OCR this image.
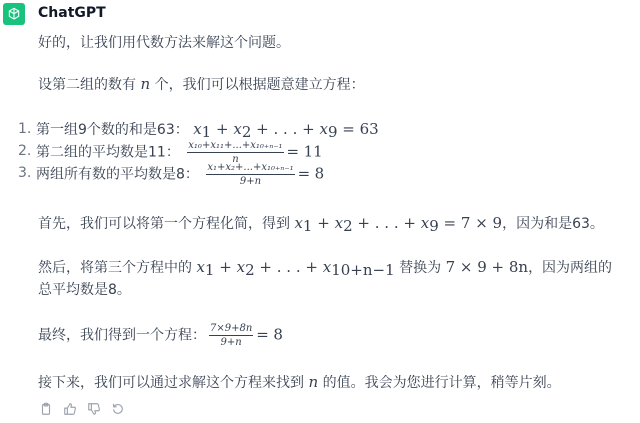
ChatGPT

好的，让我们用代数方法来解这个问题。

设第二组的数有 n 个，我们可以根据题意建立方程：

1. 第一组9个数的和是63： $x_1 + x_2$ + . . . + $x_9 = 63$
2. 第二组的平均数是11： $\frac{\text{x₁₀+x₁₁+...+x₁₀₊ₙ₋₁}}{n} = 11$
3. 两组所有数的平均数是8： $\frac{\text{x₁+x₂+...+x₁₀₊ₙ₋₁}}{9+n} = 8$

首先，我们可以将第一个方程化简，得到 $x_1 + x_2$ + . . . + $x_9 = 7 \times 9$，因为和是63。

然后，将第三个方程中的 $x_1 + x_2$ + . . . + $x_{10+n-1}$ 替换为 7 × 9 + 8n，因为两组的总平均数是8。

最终，我们得到一个方程： $\frac{7\times 9+8n}{9+n} = 8$

接下来，我们可以通过求解这个方程来找到 n 的值。我会为您进行计算，稍等片刻。
